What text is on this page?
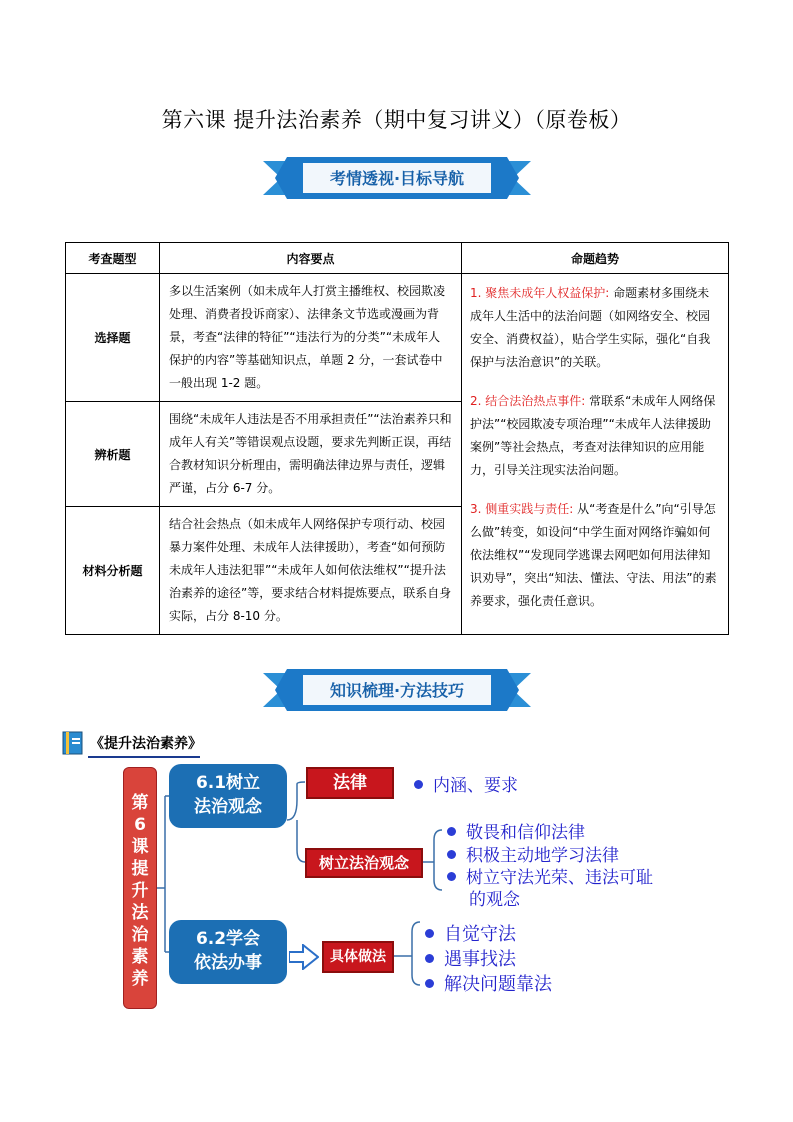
第六课 提升法治素养（期中复习讲义）（原卷板）
考情透视·目标导航
考查题型	内容要点	命题趋势
选择题	多以生活案例（如未成年人打赏主播维权、校园欺凌处理、消费者投诉商家）、法律条文节选或漫画为背景，考查“法律的特征”“违法行为的分类”“未成年人保护的内容”等基础知识点，单题 2 分，一套试卷中一般出现 1-2 题。	1. 聚焦未成年人权益保护: 命题素材多围绕未成年人生活中的法治问题（如网络安全、校园安全、消费权益），贴合学生实际，强化“自我保护与法治意识”的关联。
2. 结合法治热点事件: 常联系“未成年人网络保护法”“校园欺凌专项治理”“未成年人法律援助案例”等社会热点，考查对法律知识的应用能力，引导关注现实法治问题。
3. 侧重实践与责任: 从“考查是什么”向“引导怎么做”转变，如设问“中学生面对网络诈骗如何依法维权”“发现同学逃课去网吧如何用法律知识劝导”，突出“知法、懂法、守法、用法”的素养要求，强化责任意识。

辨析题	围绕“未成年人违法是否不用承担责任”“法治素养只和成年人有关”等错误观点设题，要求先判断正误，再结合教材知识分析理由，需明确法律边界与责任，逻辑严谨，占分 6-7 分。	
材料分析题	结合社会热点（如未成年人网络保护专项行动、校园暴力案件处理、未成年人法律援助），考查“如何预防未成年人违法犯罪”“未成年人如何依法维权”“提升法治素养的途径”等，要求结合材料提炼要点，联系自身实际，占分 8-10 分。	
知识梳理·方法技巧
《提升法治素养》
第6课提升法治素养
6.1树立
法治观念
6.2学会
依法办事
法律
树立法治观念
具体做法
内涵、要求
敬畏和信仰法律
积极主动地学习法律
树立守法光荣、违法可耻
的观念
自觉守法
遇事找法
解决问题靠法
